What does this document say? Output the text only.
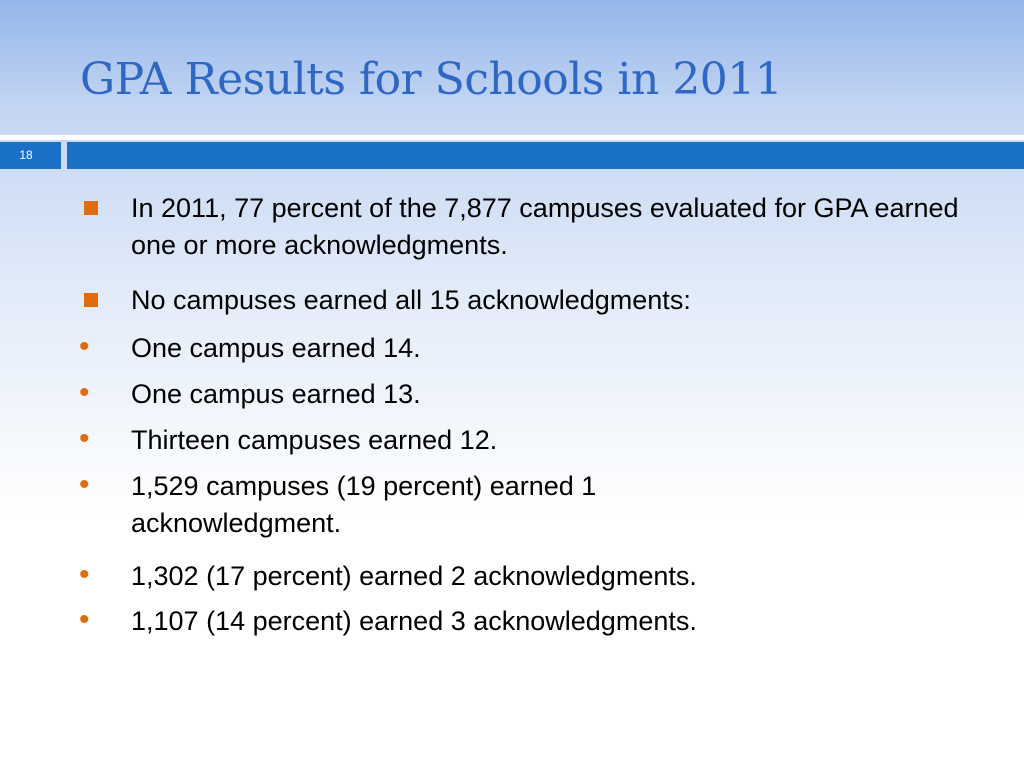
GPA Results for Schools in 2011
18
In 2011, 77 percent of the 7,877 campuses evaluated for GPA earned one or more acknowledgments.
No campuses earned all 15 acknowledgments:
• One campus earned 14.
• One campus earned 13.
• Thirteen campuses earned 12.
• 1,529 campuses (19 percent) earned 1 acknowledgment.
• 1,302 (17 percent) earned 2 acknowledgments.
• 1,107 (14 percent) earned 3 acknowledgments.
